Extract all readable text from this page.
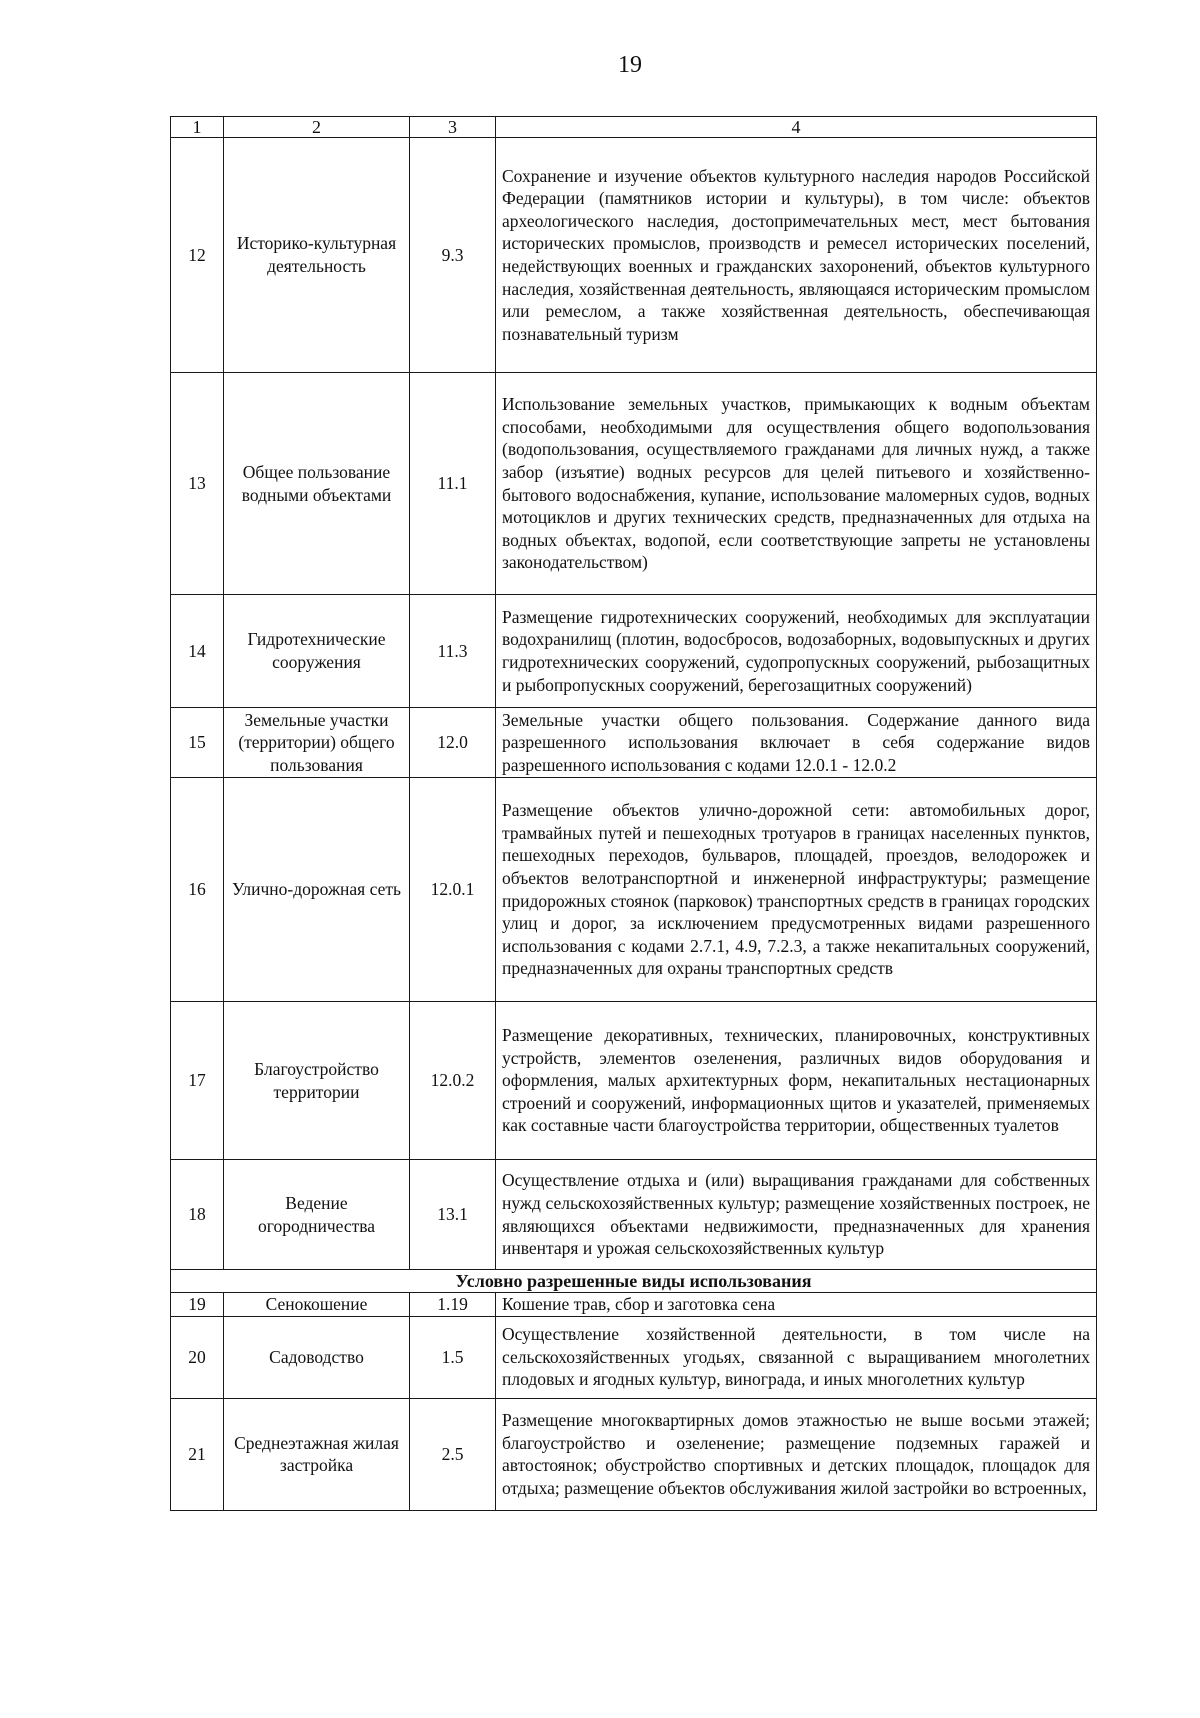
19
1	2	3	4
12	Историко-культурная деятельность	9.3	Сохранение и изучение объектов культурного наследия народов Российской Федерации (памятников истории и культуры), в том числе: объектов археологического наследия, достопримечательных мест, мест бытования исторических промыслов, производств и ремесел исторических поселений, недействующих военных и гражданских захоронений, объектов культурного наследия, хозяйственная деятельность, являющаяся историческим промыслом или ремеслом, а также хозяйственная деятельность, обеспечивающая познавательный туризм
13	Общее пользование водными объектами	11.1	Использование земельных участков, примыкающих к водным объектам способами, необходимыми для осуществления общего водопользования (водопользования, осуществляемого гражданами для личных нужд, а также забор (изъятие) водных ресурсов для целей питьевого и хозяйственно-бытового водоснабжения, купание, использование маломерных судов, водных мотоциклов и других технических средств, предназначенных для отдыха на водных объектах, водопой, если соответствующие запреты не установлены законодательством)
14	Гидротехнические сооружения	11.3	Размещение гидротехнических сооружений, необходимых для эксплуатации водохранилищ (плотин, водосбросов, водозаборных, водовыпускных и других гидротехнических сооружений, судопропускных сооружений, рыбозащитных и рыбопропускных сооружений, берегозащитных сооружений)
15	Земельные участки (территории) общего пользования	12.0	Земельные участки общего пользования. Содержание данного вида разрешенного использования включает в себя содержание видов разрешенного использования с кодами 12.0.1 - 12.0.2
16	Улично-дорожная сеть	12.0.1	Размещение объектов улично-дорожной сети: автомобильных дорог, трамвайных путей и пешеходных тротуаров в границах населенных пунктов, пешеходных переходов, бульваров, площадей, проездов, велодорожек и объектов велотранспортной и инженерной инфраструктуры; размещение придорожных стоянок (парковок) транспортных средств в границах городских улиц и дорог, за исключением предусмотренных видами разрешенного использования с кодами 2.7.1, 4.9, 7.2.3, а также некапитальных сооружений, предназначенных для охраны транспортных средств
17	Благоустройство территории	12.0.2	Размещение декоративных, технических, планировочных, конструктивных устройств, элементов озеленения, различных видов оборудования и оформления, малых архитектурных форм, некапитальных нестационарных строений и сооружений, информационных щитов и указателей, применяемых как составные части благоустройства территории, общественных туалетов
18	Ведение огородничества	13.1	Осуществление отдыха и (или) выращивания гражданами для собственных нужд сельскохозяйственных культур; размещение хозяйственных построек, не являющихся объектами недвижимости, предназначенных для хранения инвентаря и урожая сельскохозяйственных культур
Условно разрешенные виды использования			
19	Сенокошение	1.19	Кошение трав, сбор и заготовка сена
20	Садоводство	1.5	Осуществление хозяйственной деятельности, в том числе на сельскохозяйственных угодьях, связанной с выращиванием многолетних плодовых и ягодных культур, винограда, и иных многолетних культур
21	Среднеэтажная жилая застройка	2.5	Размещение многоквартирных домов этажностью не выше восьми этажей; благоустройство и озеленение; размещение подземных гаражей и автостоянок; обустройство спортивных и детских площадок, площадок для отдыха; размещение объектов обслуживания жилой застройки во встроенных,
